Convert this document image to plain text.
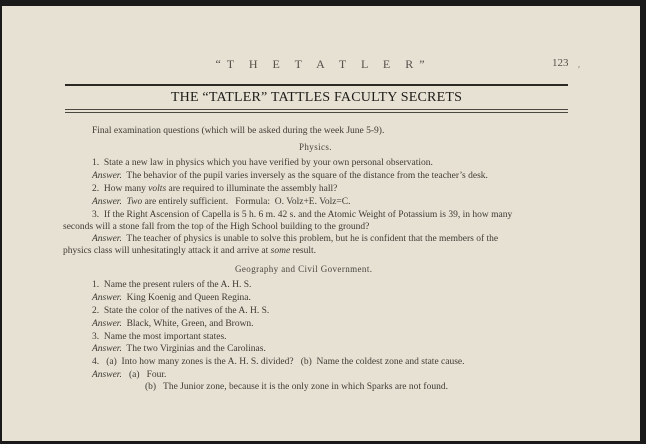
“T H E T A T L E R”	123
′
THE “TATLER” TATTLES FACULTY SECRETS
Final examination questions (which will be asked during the week June 5-9).
Physics.
1.  State a new law in physics which you have verified by your own personal observation.
Answer.  The behavior of the pupil varies inversely as the square of the distance from the teacher’s desk.
2.  How many volts are required to illuminate the assembly hall?
Answer.  Two are entirely sufficient.   Formula:  O. Volz+E. Volz=C.
3.  If the Right Ascension of Capella is 5 h. 6 m. 42 s. and the Atomic Weight of Potassium is 39, in how many
seconds will a stone fall from the top of the High School building to the ground?
Answer.  The teacher of physics is unable to solve this problem, but he is confident that the members of the
physics class will unhesitatingly attack it and arrive at some result.
Geography and Civil Government.
1.  Name the present rulers of the A. H. S.
Answer.  King Koenig and Queen Regina.
2.  State the color of the natives of the A. H. S.
Answer.  Black, White, Green, and Brown.
3.  Name the most important states.
Answer.  The two Virginias and the Carolinas.
4.   (a)  Into how many zones is the A. H. S. divided?   (b)  Name the coldest zone and state cause.
Answer.   (a)   Four.
(b)   The Junior zone, because it is the only zone in which Sparks are not found.
